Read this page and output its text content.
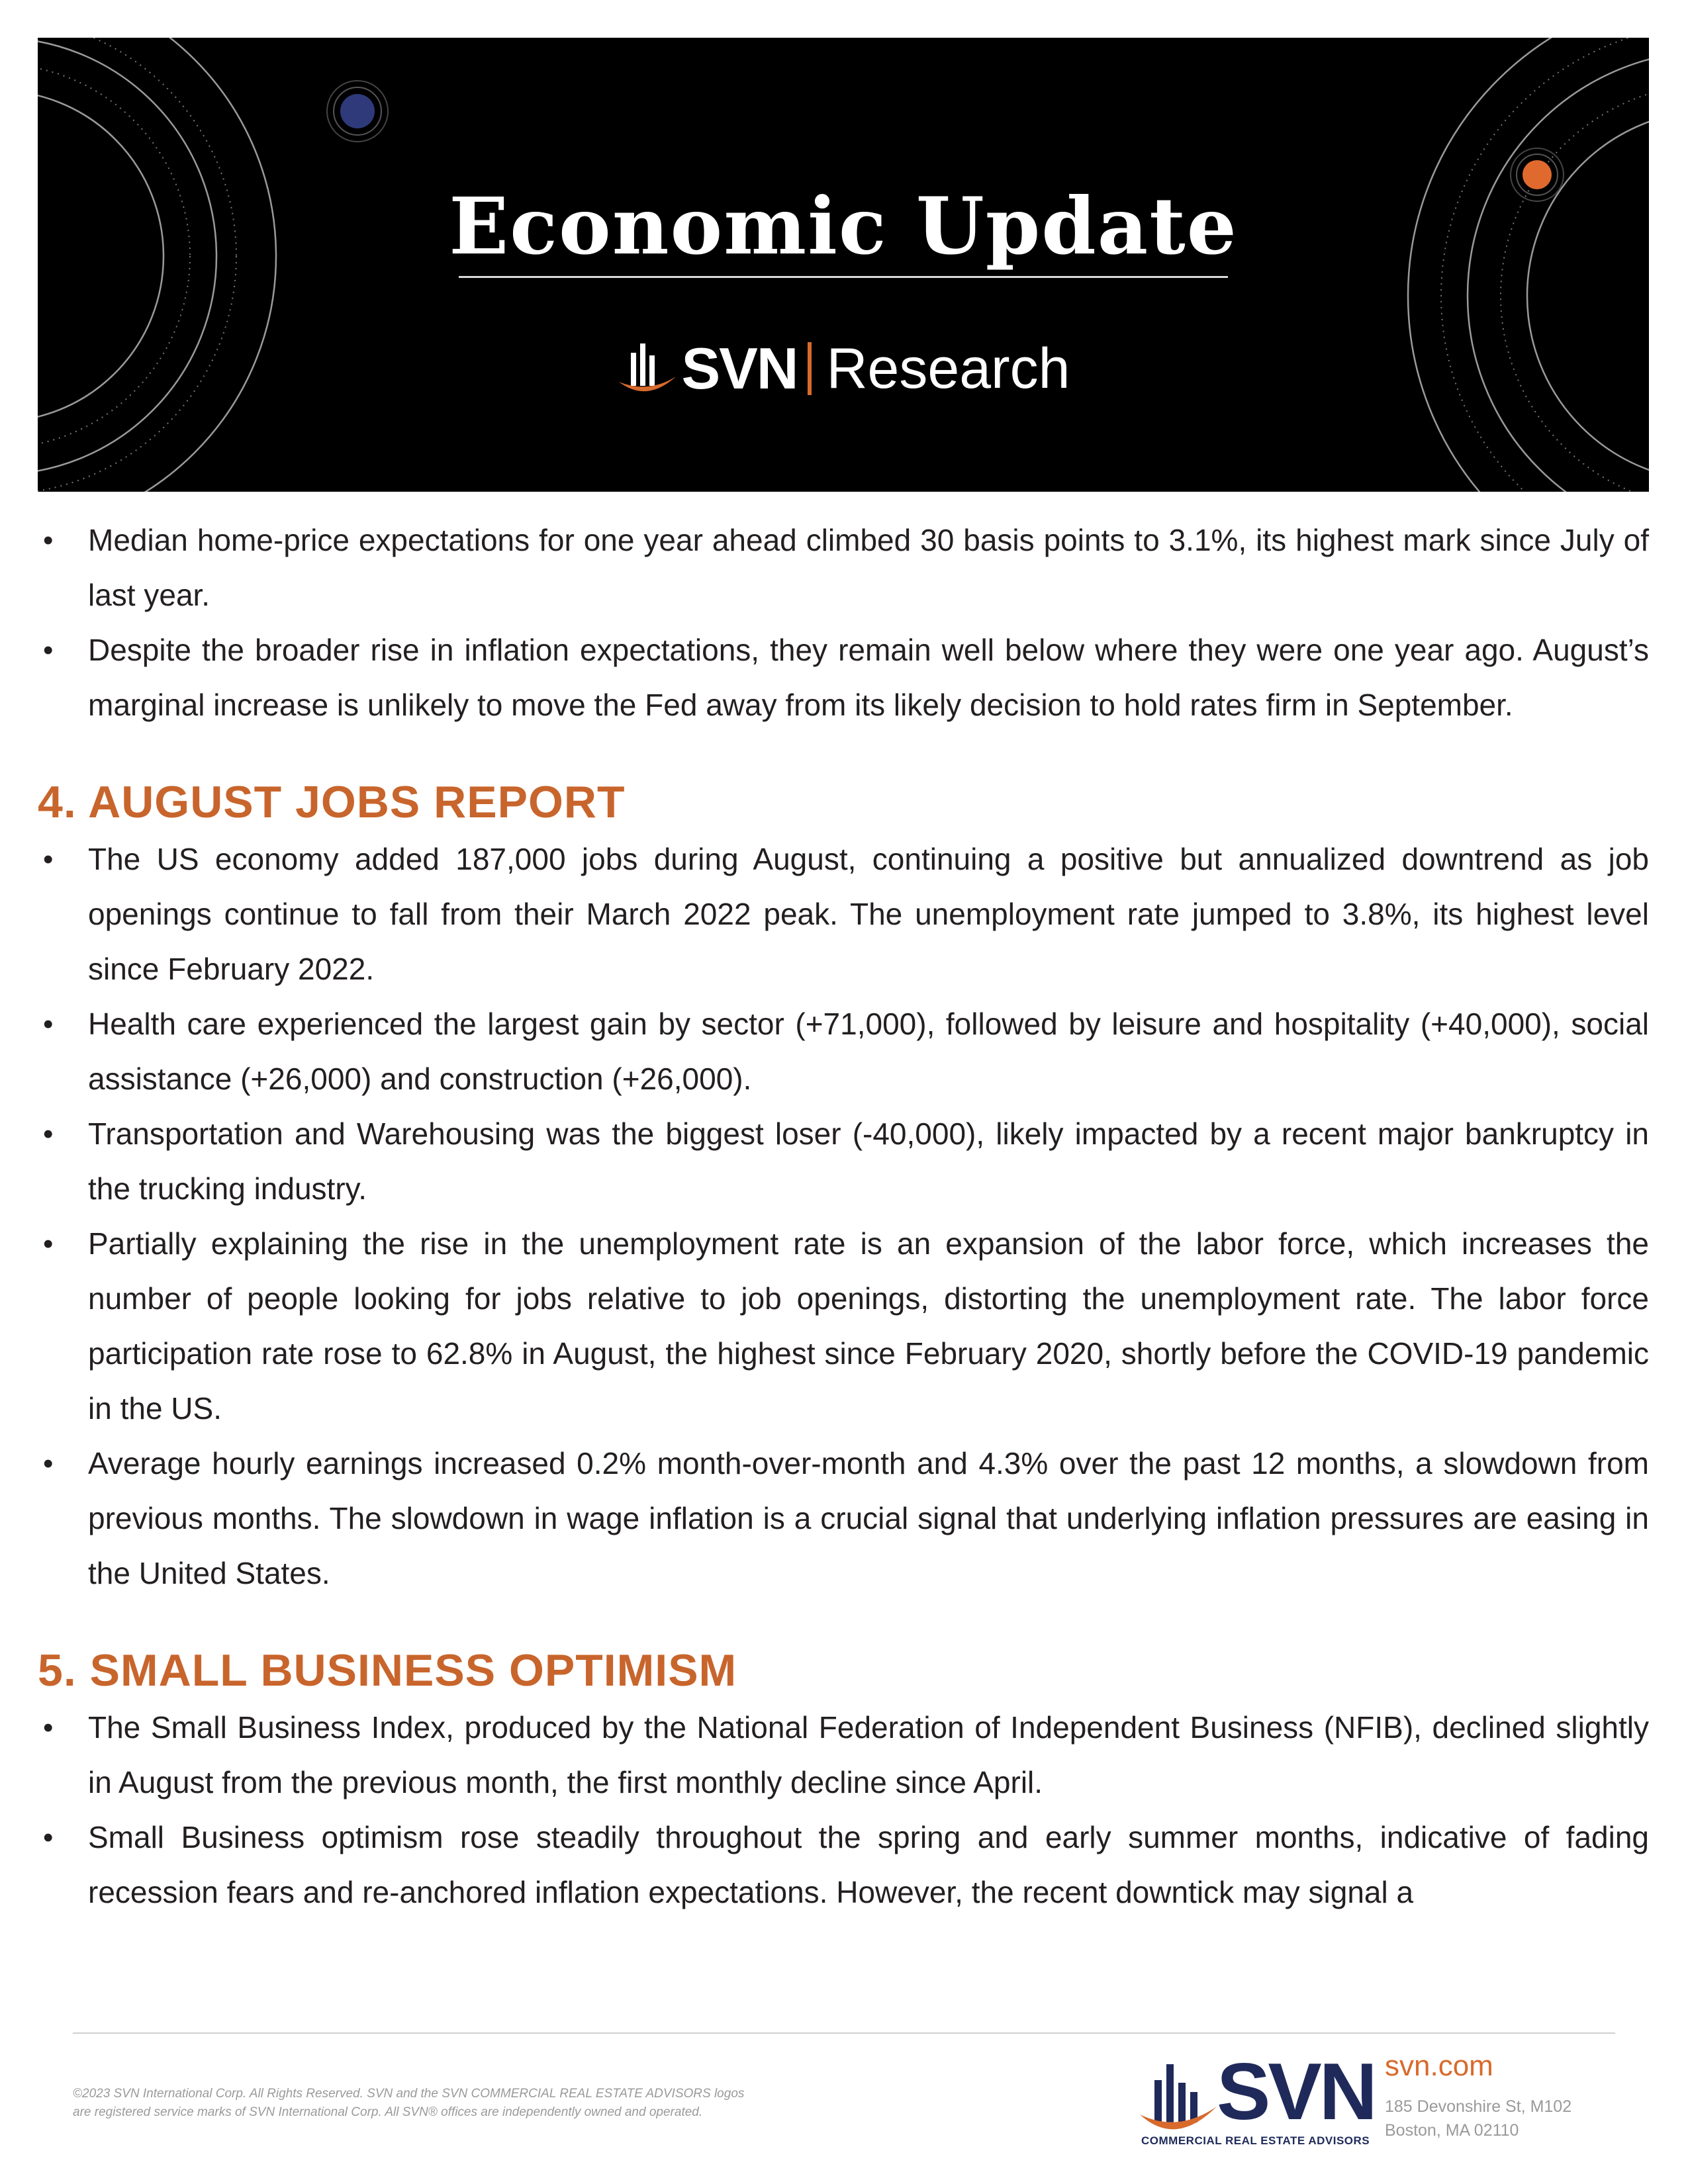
Economic Update
SVN Research
• Median home-price expectations for one year ahead climbed 30 basis points to 3.1%, its highest mark since July of last year.
• Despite the broader rise in inflation expectations, they remain well below where they were one year ago. August’s marginal increase is unlikely to move the Fed away from its likely decision to hold rates firm in September.
4. AUGUST JOBS REPORT
• The US economy added 187,000 jobs during August, continuing a positive but annualized downtrend as job openings continue to fall from their March 2022 peak. The unemployment rate jumped to 3.8%, its highest level since February 2022.
• Health care experienced the largest gain by sector (+71,000), followed by leisure and hospitality (+40,000), social assistance (+26,000) and construction (+26,000).
• Transportation and Warehousing was the biggest loser (-40,000), likely impacted by a recent major bankruptcy in the trucking industry.
• Partially explaining the rise in the unemployment rate is an expansion of the labor force, which increases the number of people looking for jobs relative to job openings, distorting the unemployment rate. The labor force participation rate rose to 62.8% in August, the highest since February 2020, shortly before the COVID-19 pandemic in the US.
• Average hourly earnings increased 0.2% month-over-month and 4.3% over the past 12 months, a slowdown from previous months. The slowdown in wage inflation is a crucial signal that underlying inflation pressures are easing in the United States.
5. SMALL BUSINESS OPTIMISM
• The Small Business Index, produced by the National Federation of Independent Business (NFIB), declined slightly in August from the previous month, the first monthly decline since April.
• Small Business optimism rose steadily throughout the spring and early summer months, indicative of fading recession fears and re-anchored inflation expectations. However, the recent downtick may signal a
©2023 SVN International Corp. All Rights Reserved. SVN and the SVN COMMERCIAL REAL ESTATE ADVISORS logos
are registered service marks of SVN International Corp. All SVN® offices are independently owned and operated.	SVN
COMMERCIAL REAL ESTATE ADVISORS
svn.com
185 Devonshire St, M102
Boston, MA 02110
